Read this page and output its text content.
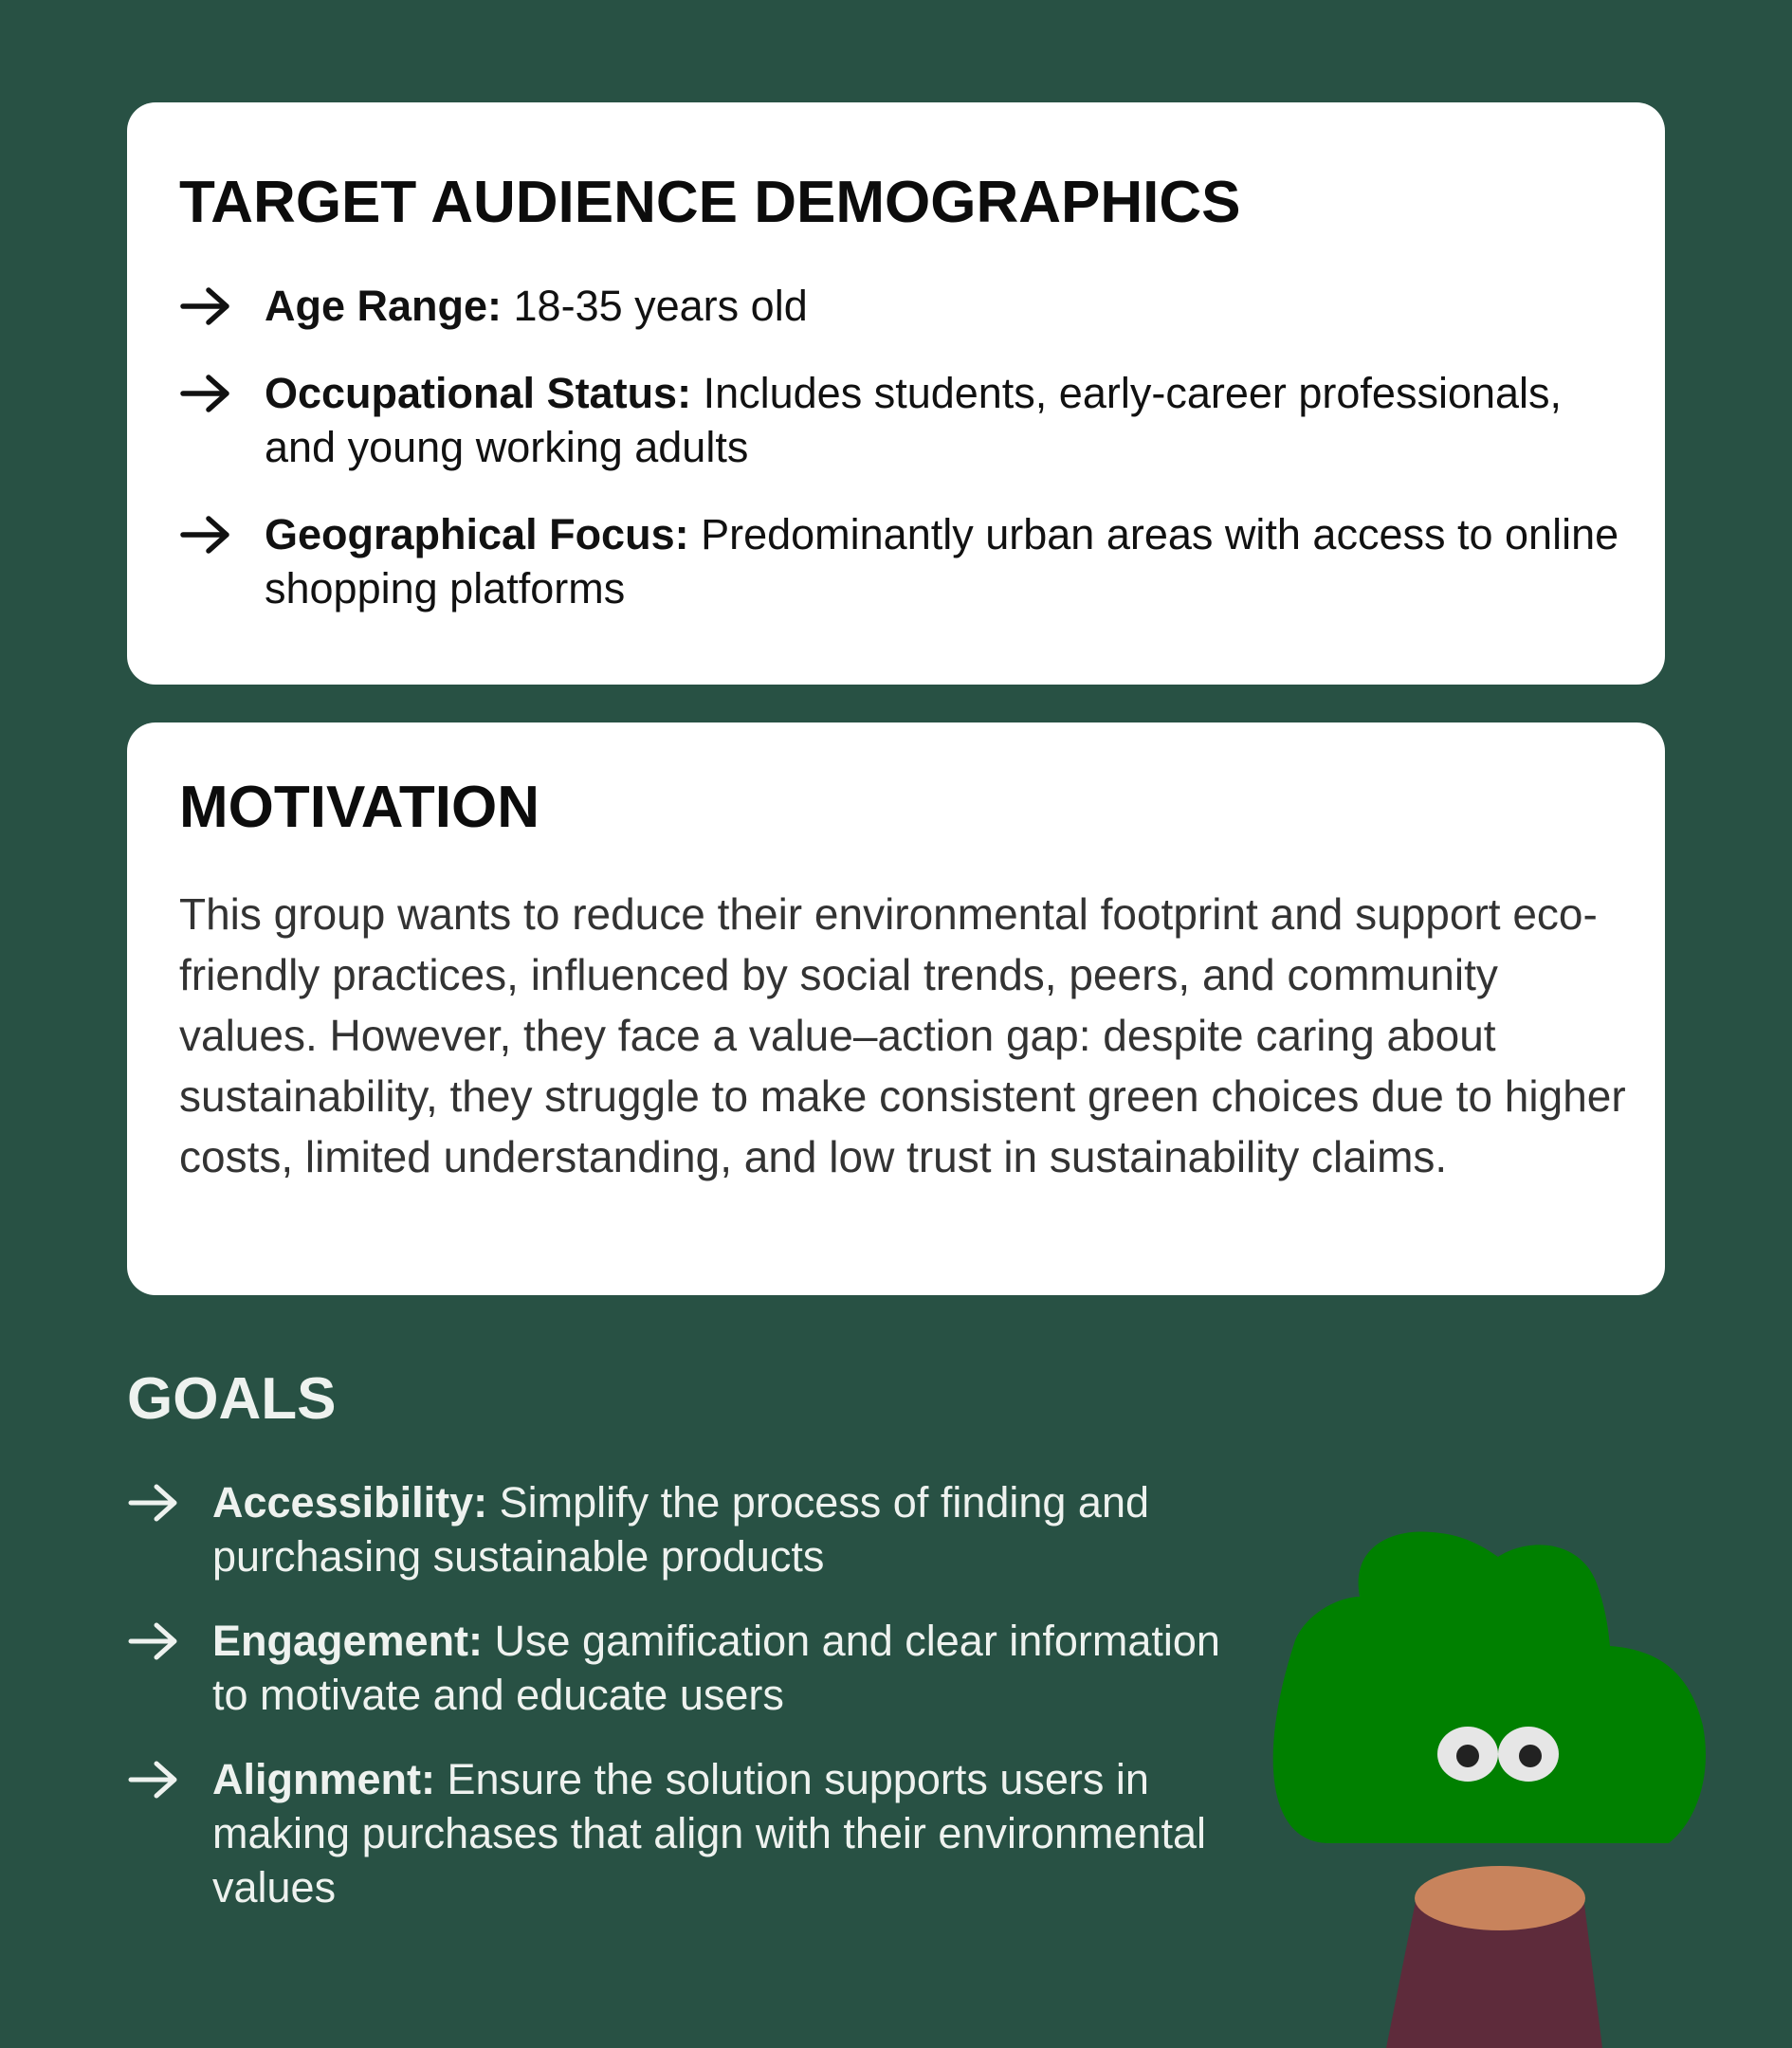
TARGET AUDIENCE DEMOGRAPHICS
Age Range: 18-35 years old
Occupational Status: Includes students, early-career professionals, and young working adults
Geographical Focus: Predominantly urban areas with access to online shopping platforms
MOTIVATION

This group wants to reduce their environmental footprint and support eco-friendly practices, influenced by social trends, peers, and community values. However, they face a value–action gap: despite caring about sustainability, they struggle to make consistent green choices due to higher costs, limited understanding, and low trust in sustainability claims.

GOALS
Accessibility: Simplify the process of finding and purchasing sustainable products
Engagement: Use gamification and clear information to motivate and educate users
Alignment: Ensure the solution supports users in making purchases that align with their environmental values
